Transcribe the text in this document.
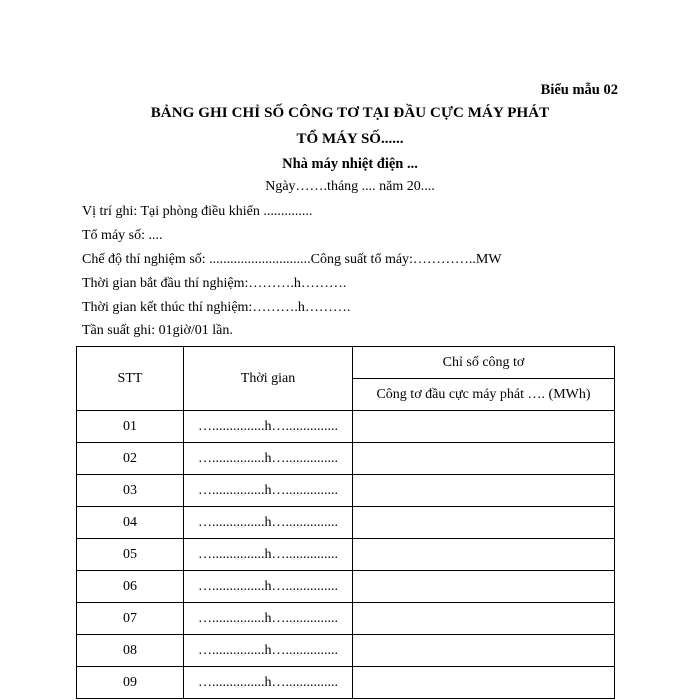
Biểu mẫu 02
BẢNG GHI CHỈ SỐ CÔNG TƠ TẠI ĐẦU CỰC MÁY PHÁT
TỔ MÁY SỐ......
Nhà máy nhiệt điện ...
Ngày…….tháng .... năm 20....
Vị trí ghi: Tại phòng điều khiển ..............
Tổ máy số: ....
Chế độ thí nghiệm số: .............................Công suất tổ máy:…………..MW
Thời gian bắt đầu thí nghiệm:……….h……….
Thời gian kết thúc thí nghiệm:……….h……….
Tần suất ghi: 01giờ/01 lần.
STT	Thời gian	Chỉ số công tơ
		Công tơ đầu cực máy phát …. (MWh)
01	…...............h…...............	
02	…...............h…...............	
03	…...............h…...............	
04	…...............h…...............	
05	…...............h…...............	
06	…...............h…...............	
07	…...............h…...............	
08	…...............h…...............	
09	…...............h…...............	
